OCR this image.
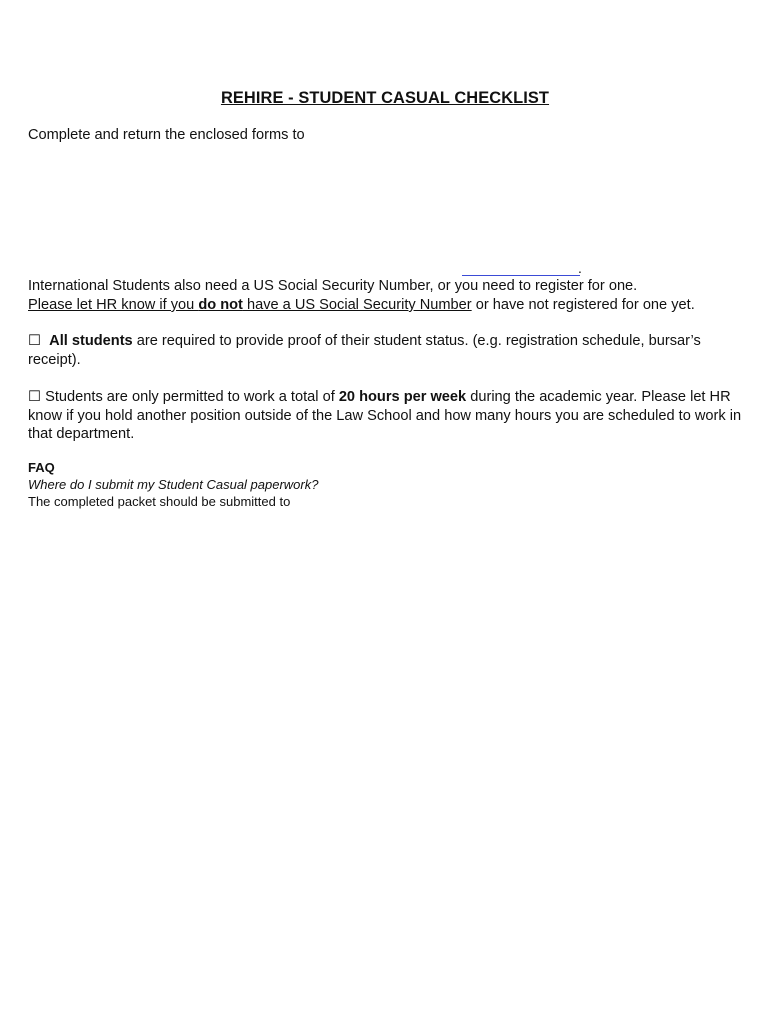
REHIRE - STUDENT CASUAL CHECKLIST
Complete and return the enclosed forms to
.
International Students also need a US Social Security Number, or you need to register for one.
Please let HR know if you do not have a US Social Security Number or have not registered for one yet.
☐ All students are required to provide proof of their student status. (e.g. registration schedule, bursar’s receipt).
☐ Students are only permitted to work a total of 20 hours per week during the academic year. Please let HR know if you hold another position outside of the Law School and how many hours you are scheduled to work in that department.
FAQ
Where do I submit my Student Casual paperwork?
The completed packet should be submitted to
